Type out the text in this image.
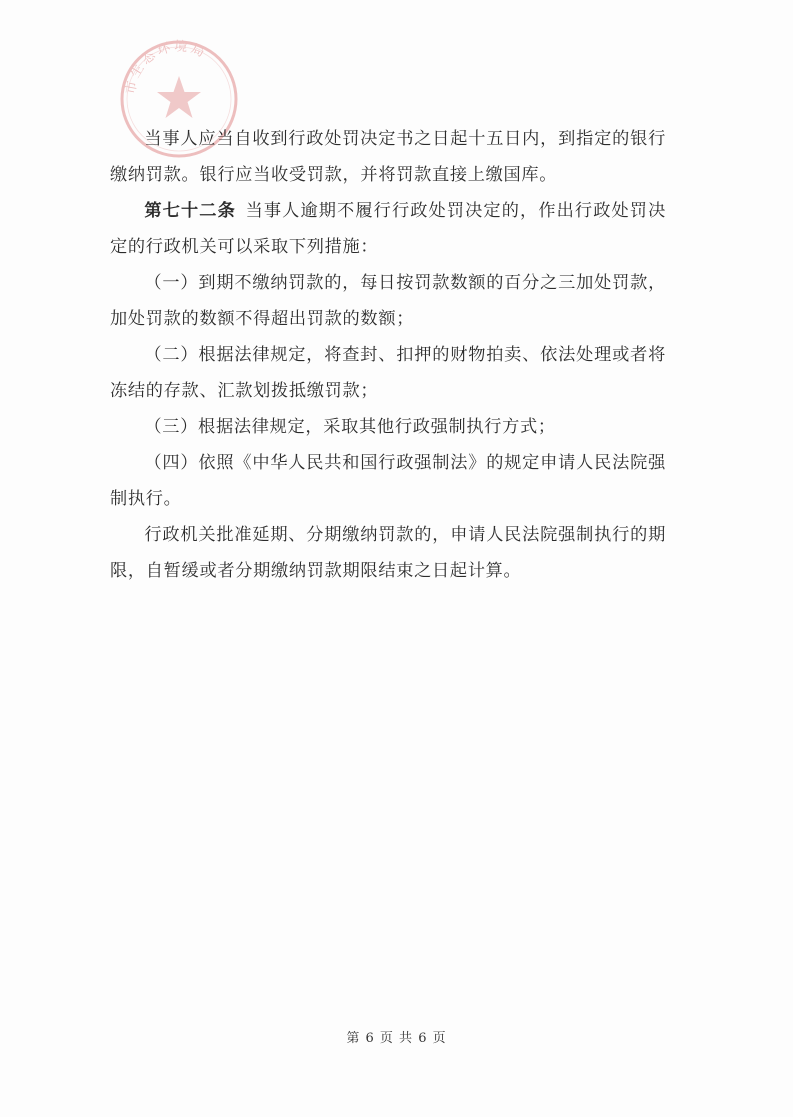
市生态环境局

当事人应当自收到行政处罚决定书之日起十五日内，到指定的银行缴纳罚款。银行应当收受罚款，并将罚款直接上缴国库。

第七十二条  当事人逾期不履行行政处罚决定的，作出行政处罚决定的行政机关可以采取下列措施：

（一）到期不缴纳罚款的，每日按罚款数额的百分之三加处罚款，加处罚款的数额不得超出罚款的数额；

（二）根据法律规定，将查封、扣押的财物拍卖、依法处理或者将冻结的存款、汇款划拨抵缴罚款；

（三）根据法律规定，采取其他行政强制执行方式；

（四）依照《中华人民共和国行政强制法》的规定申请人民法院强制执行。

行政机关批准延期、分期缴纳罚款的，申请人民法院强制执行的期限，自暂缓或者分期缴纳罚款期限结束之日起计算。

第 6 页 共 6 页
